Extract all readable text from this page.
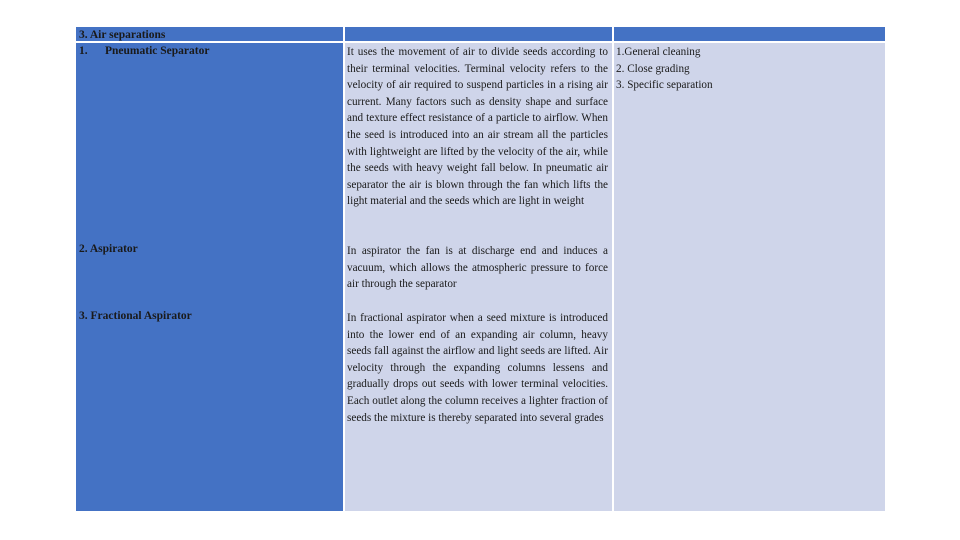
3. Air separations
1. Pneumatic Separator
2. Aspirator
3. Fractional Aspirator
It uses the movement of air to divide seeds according to their terminal velocities. Terminal velocity refers to the velocity of air required to suspend particles in a rising air current. Many factors such as density shape and surface and texture effect resistance of a particle to airflow. When the seed is introduced into an air stream all the particles with lightweight are lifted by the velocity of the air, while the seeds with heavy weight fall below. In pneumatic air separator the air is blown through the fan which lifts the light material and the seeds which are light in weight
In aspirator the fan is at discharge end and induces a vacuum, which allows the atmospheric pressure to force air through the separator
In fractional aspirator when a seed mixture is introduced into the lower end of an expanding air column, heavy seeds fall against the airflow and light seeds are lifted. Air velocity through the expanding columns lessens and gradually drops out seeds with lower terminal velocities. Each outlet along the column receives a lighter fraction of seeds the mixture is thereby separated into several grades
1.General cleaning
2. Close grading
3. Specific separation
